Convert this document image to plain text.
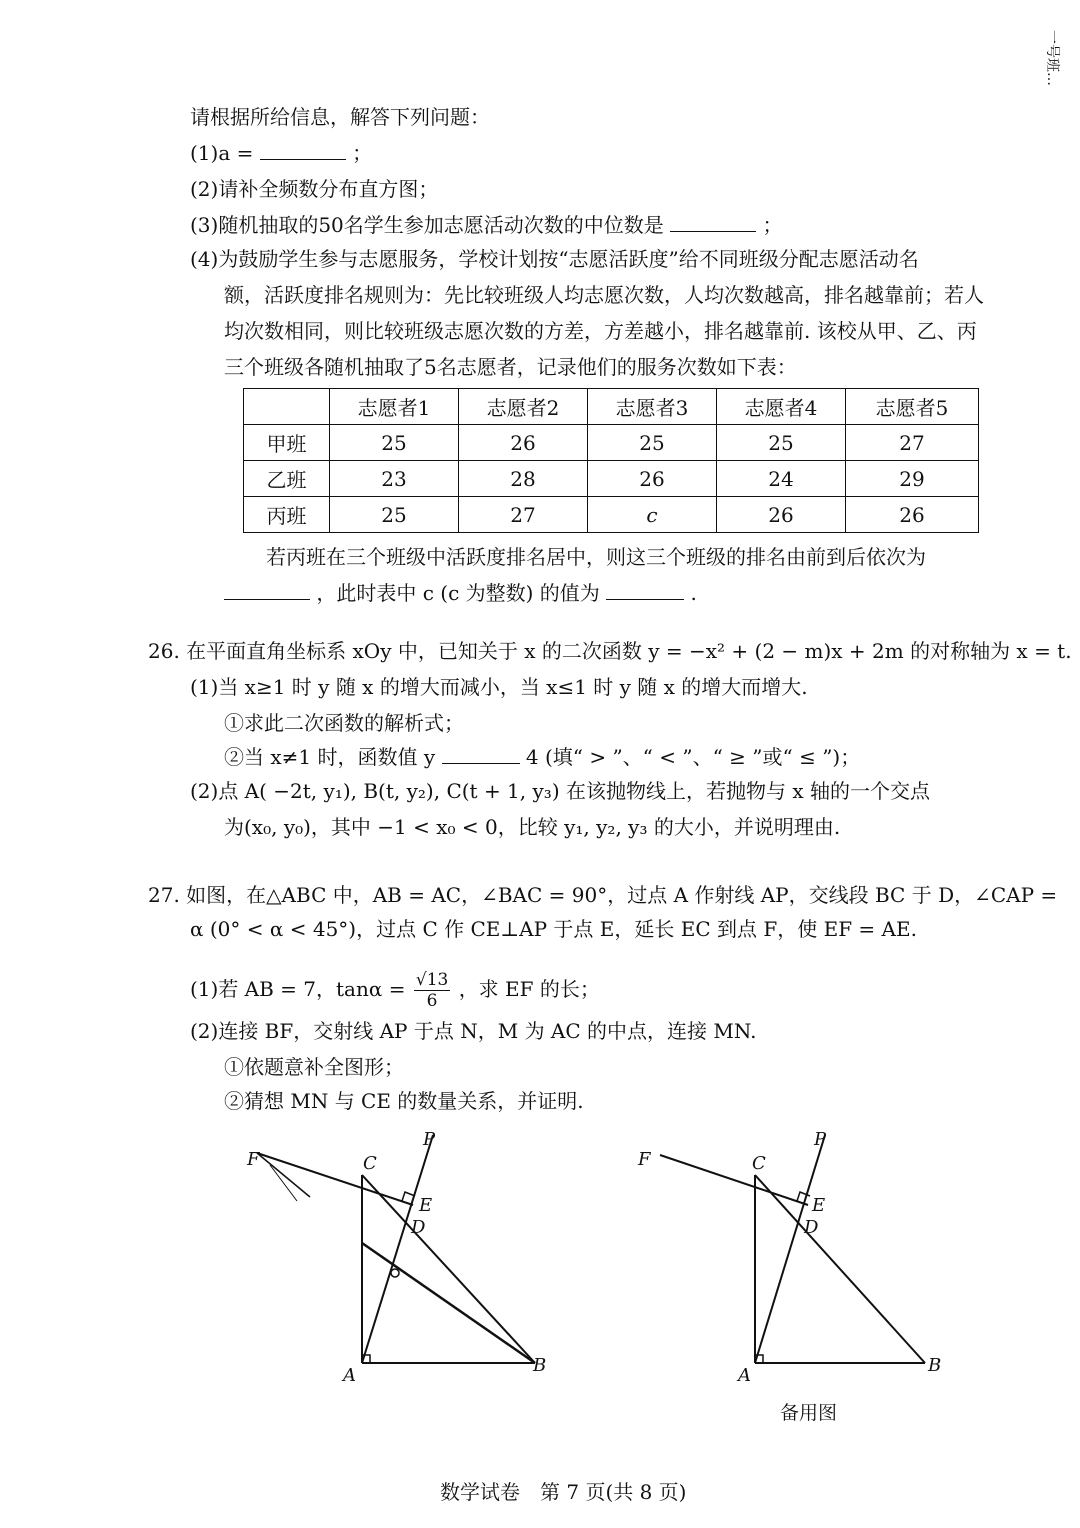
一号班…
请根据所给信息，解答下列问题：
(1)a =	；
(2)请补全频数分布直方图；
(3)随机抽取的50名学生参加志愿活动次数的中位数是	；
(4)为鼓励学生参与志愿服务，学校计划按“志愿活跃度”给不同班级分配志愿活动名
额，活跃度排名规则为：先比较班级人均志愿次数，人均次数越高，排名越靠前；若人
均次数相同，则比较班级志愿次数的方差，方差越小，排名越靠前. 该校从甲、乙、丙
三个班级各随机抽取了5名志愿者，记录他们的服务次数如下表：
	志愿者1	志愿者2	志愿者3	志愿者4	志愿者5
甲班	25	26	25	25	27
乙班	23	28	26	24	29
丙班	25	27	c	26	26
若丙班在三个班级中活跃度排名居中，则这三个班级的排名由前到后依次为
，此时表中 c (c 为整数) 的值为	.
26. 在平面直角坐标系 xOy 中，已知关于 x 的二次函数 y = −x² + (2 − m)x + 2m 的对称轴为 x = t.
(1)当 x≥1 时 y 随 x 的增大而减小，当 x≤1 时 y 随 x 的增大而增大.
①求此二次函数的解析式；
②当 x≠1 时，函数值 y	4 (填“ > ”、“ < ”、“ ≥ ”或“ ≤ ”)；
(2)点 A( −2t, y₁), B(t, y₂), C(t + 1, y₃) 在该抛物线上，若抛物与 x 轴的一个交点
为(x₀, y₀)，其中 −1 < x₀ < 0，比较 y₁, y₂, y₃ 的大小，并说明理由.
27. 如图，在△ABC 中，AB = AC，∠BAC = 90°，过点 A 作射线 AP，交线段 BC 于 D，∠CAP =
α (0° < α < 45°)，过点 C 作 CE⊥AP 于点 E，延长 EC 到点 F，使 EF = AE.
(1)若 AB = 7，$\tan\alpha = \frac{√13}{6}$ ，求 EF 的长；
(2)连接 BF，交射线 AP 于点 N，M 为 AC 的中点，连接 MN.
①依题意补全图形；
②猜想 MN 与 CE 的数量关系，并证明.
F	C
E
D
P
A	B
F	C
E
D
P
A	B
备用图
数学试卷　第 7 页(共 8 页)
